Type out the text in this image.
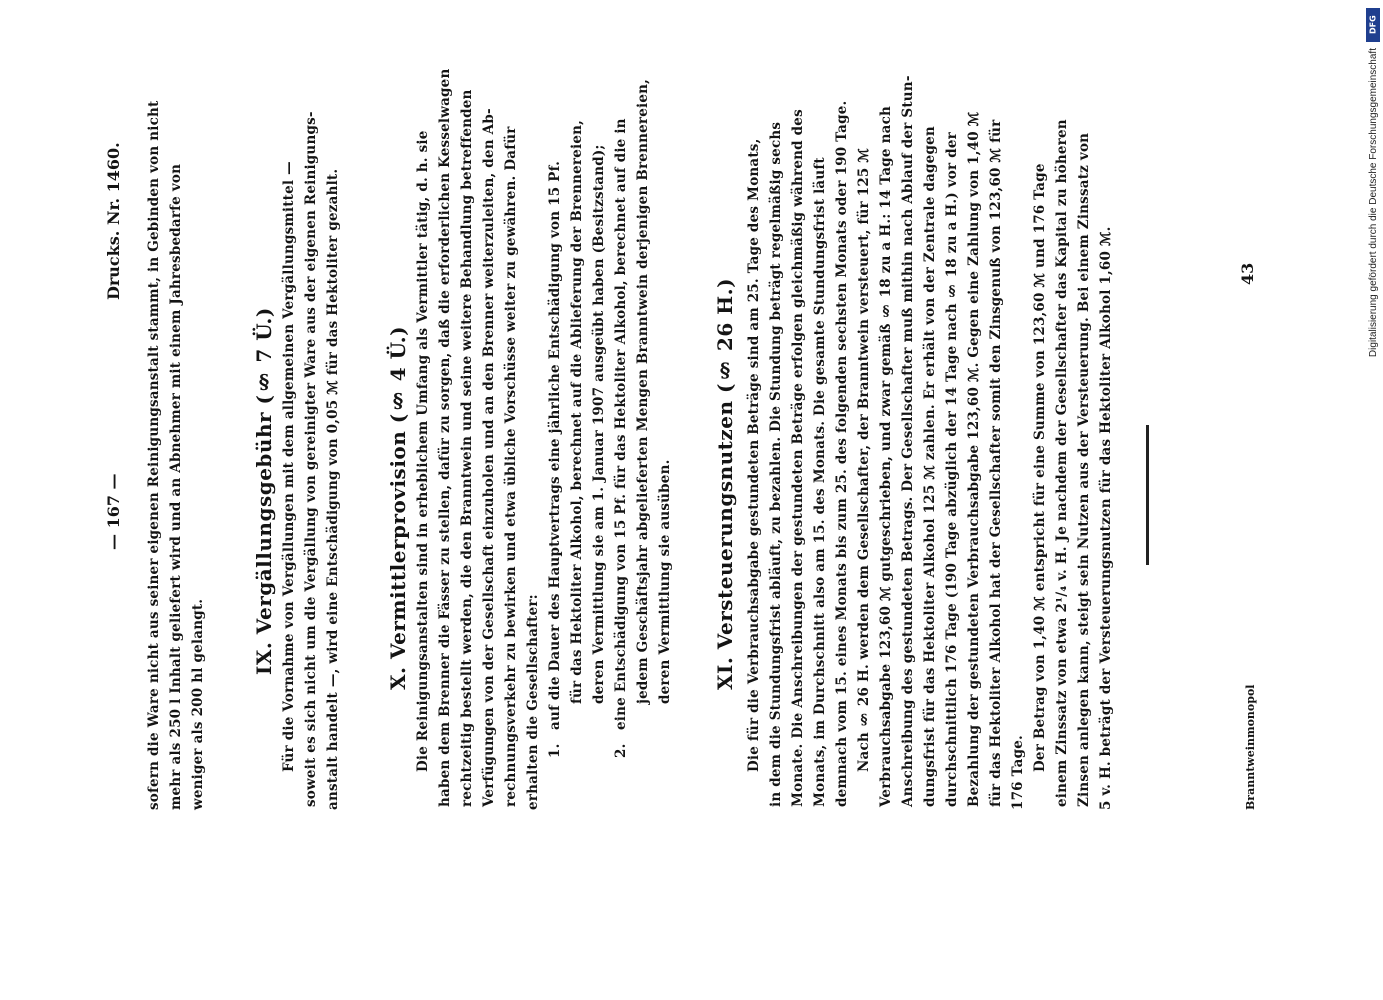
— 167 —
Drucks. Nr. 1460. sofern die Ware nicht aus seiner eigenen Reinigungsanstalt stammt, in Gebinden von nicht mehr als 250 l Inhalt geliefert wird und an Abnehmer mit einem Jahresbedarfe von weniger als 200 hl gelangt.
IX. Vergällungsgebühr (§ 7 Ü.) Für die Vornahme von Vergällungen mit dem allgemeinen Vergällungsmittel — soweit es sich nicht um die Vergällung von gereinigter Ware aus der eigenen Reinigungs- anstalt handelt —, wird eine Entschädigung von 0,05 ℳ für das Hektoliter gezahlt. X. Vermittlerprovision (§ 4 Ü.) Die Reinigungsanstalten sind in erheblichem Umfang als Vermittler tätig, d. h. sie haben dem Brenner die Fässer zu stellen, dafür zu sorgen, daß die erforderlichen Kesselwagen rechtzeitig bestellt werden, die den Branntwein und seine weitere Behandlung betreffenden Verfügungen von der Gesellschaft einzuholen und an den Brenner weiterzuleiten, den Ab- rechnungsverkehr zu bewirken und etwa übliche Vorschüsse weiter zu gewähren. Dafür erhalten die Gesellschafter: 1.
auf die Dauer des Hauptvertrags eine jährliche Entschädigung von 15 Pf. für das Hektoliter Alkohol, berechnet auf die Ablieferung der Brennereien, deren Vermittlung sie am 1. Januar 1907 ausgeübt haben (Besitzstand);
2.
eine Entschädigung von 15 Pf. für das Hektoliter Alkohol, berechnet auf die in jedem Geschäftsjahr abgelieferten Mengen Branntwein derjenigen Brennereien, deren Vermittlung sie ausüben. XI. Versteuerungsnutzen (§ 26 H.) Die für die Verbrauchsabgabe gestundeten Beträge sind am 25. Tage des Monats, in dem die Stundungsfrist abläuft, zu bezahlen. Die Stundung beträgt regelmäßig sechs Monate. Die Anschreibungen der gestundeten Beträge erfolgen gleichmäßig während des Monats, im Durchschnitt also am 15. des Monats. Die gesamte Stundungsfrist läuft demnach vom 15. eines Monats bis zum 25. des folgenden sechsten Monats oder 190 Tage. Nach § 26 H. werden dem Gesellschafter, der Branntwein versteuert, für 125 ℳ Verbrauchsabgabe 123,60 ℳ gutgeschrieben, und zwar gemäß § 18 zu a H.: 14 Tage nach Anschreibung des gestundeten Betrags. Der Gesellschafter muß mithin nach Ablauf der Stun- dungsfrist für das Hektoliter Alkohol 125 ℳ zahlen. Er erhält von der Zentrale dagegen durchschnittlich 176 Tage (190 Tage abzüglich der 14 Tage nach § 18 zu a H.) vor der Bezahlung der gestundeten Verbrauchsabgabe 123,60 ℳ. Gegen eine Zahlung von 1,40 ℳ für das Hektoliter Alkohol hat der Gesellschafter somit den Zinsgenuß von 123,60 ℳ für 176 Tage.
Der Betrag von 1,40 ℳ entspricht für eine Summe von 123,60 ℳ und 176 Tage einem Zinssatz von etwa 2¹/₄ v. H. Je nachdem der Gesellschafter das Kapital zu höheren Zinsen anlegen kann, steigt sein Nutzen aus der Versteuerung. Bei einem Zinssatz von 5 v. H. beträgt der Versteuerungsnutzen für das Hektoliter Alkohol 1,60 ℳ.	Branntweinmonopol
43
DFG
Digitalisierung gefördert durch die Deutsche Forschungsgemeinschaft
